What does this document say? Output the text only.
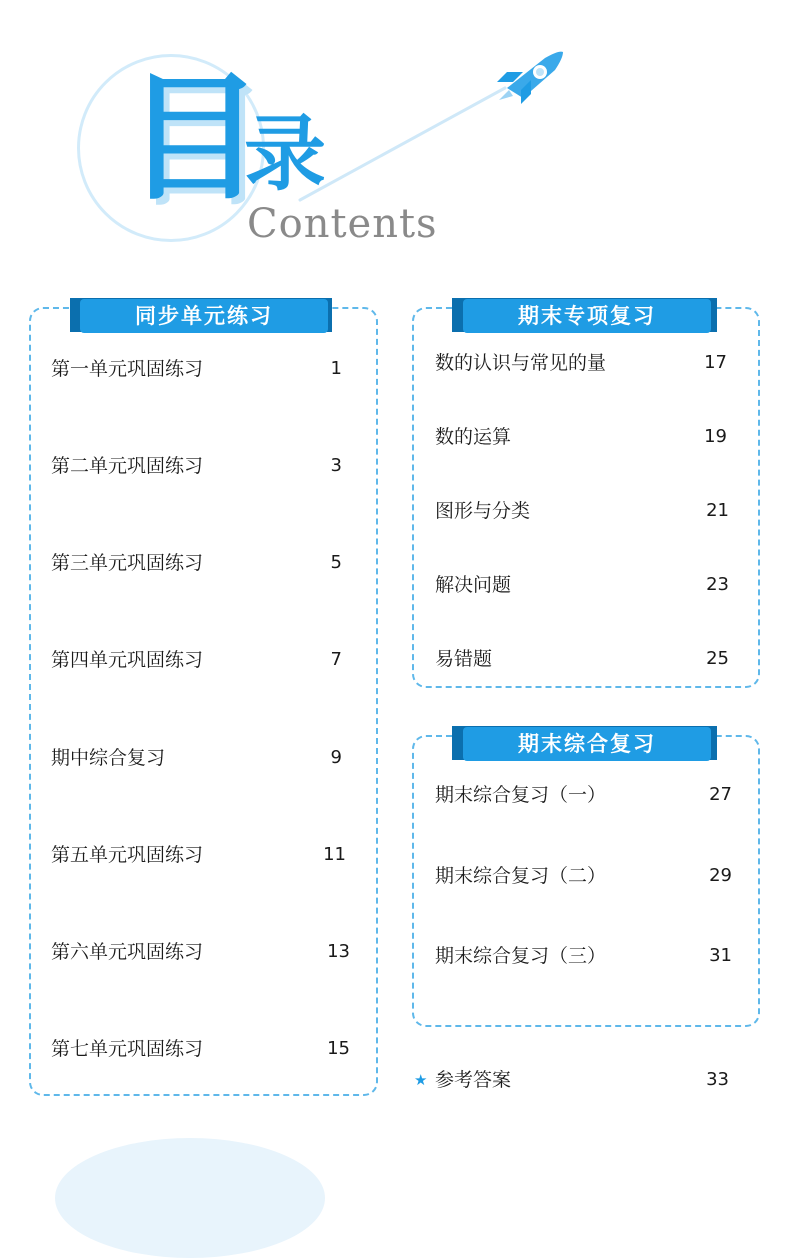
目
录
Contents
同步单元练习
第一单元巩固练习	1
第二单元巩固练习	3
第三单元巩固练习	5
第四单元巩固练习	7
期中综合复习	9
第五单元巩固练习	11
第六单元巩固练习	13
第七单元巩固练习	15
期末专项复习
数的认识与常见的量	17
数的运算	19
图形与分类	21
解决问题	23
易错题	25
期末综合复习
期末综合复习（一）	27
期末综合复习（二）	29
期末综合复习（三）	31
★ 参考答案	33
